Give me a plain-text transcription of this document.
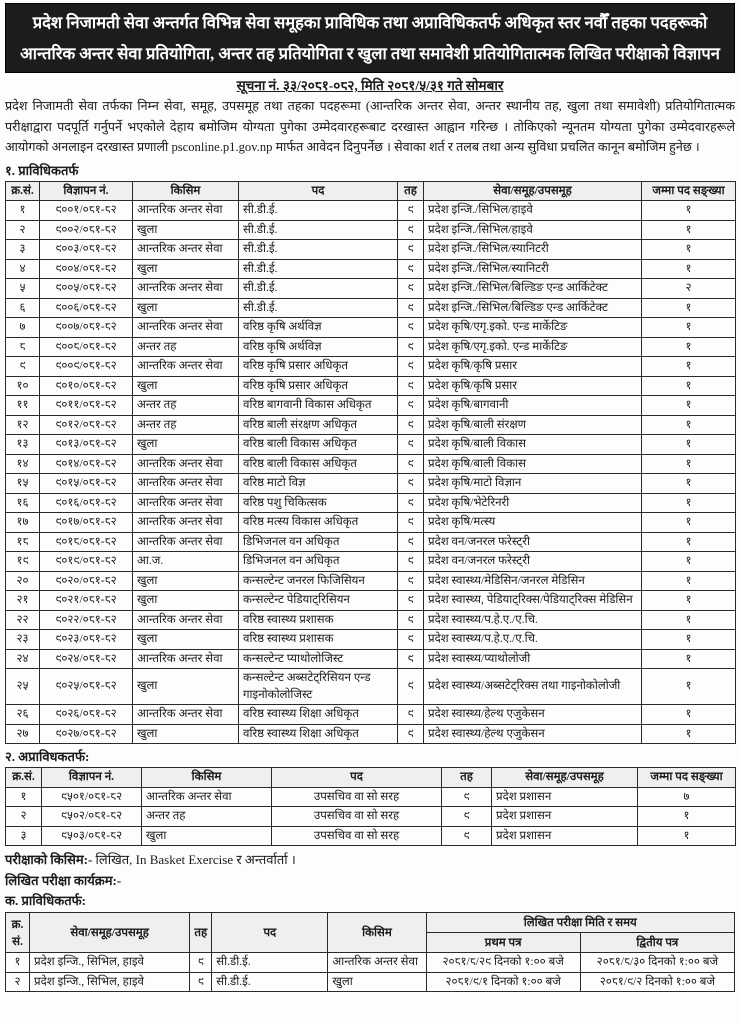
प्रदेश निजामती सेवा अन्तर्गत विभिन्न सेवा समूहका प्राविधिक तथा अप्राविधिकतर्फ अधिकृत स्तर नवौँ तहका पदहरूको
आन्तरिक अन्तर सेवा प्रतियोगिता, अन्तर तह प्रतियोगिता र खुला तथा समावेशी प्रतियोगितात्मक लिखित परीक्षाको विज्ञापन
सूचना नं. ३३/२०८१-०८२, मिति २०८१/५/३१ गते सोमबार

प्रदेश निजामती सेवा तर्फका निम्न सेवा, समूह, उपसमूह तथा तहका पदहरूमा (आन्तरिक अन्तर सेवा, अन्तर स्थानीय तह, खुला तथा समावेशी) प्रतियोगितात्मक परीक्षाद्वारा पदपूर्ति गर्नुपर्ने भएकोले देहाय बमोजिम योग्यता पुगेका उम्मेदवारहरूबाट दरखास्त आह्वान गरिन्छ । तोकिएको न्यूनतम योग्यता पुगेका उम्मेदवारहरूले आयोगको अनलाइन दरखास्त प्रणाली psconline.p1.gov.np मार्फत आवेदन दिनुपर्नेछ । सेवाका शर्त र तलब तथा अन्य सुविधा प्रचलित कानून बमोजिम हुनेछ ।

१. प्राविधिकतर्फ
क्र.सं.	विज्ञापन नं.	किसिम	पद	तह	सेवा/समूह/उपसमूह	जम्मा पद सङ्ख्या
१	९००१/०८१-८२	आन्तरिक अन्तर सेवा	सी.डी.ई.	९	प्रदेश इन्जि./सिभिल/हाइवे	१
२	९००२/०८१-८२	खुला	सी.डी.ई.	९	प्रदेश इन्जि./सिभिल/हाइवे	१
३	९००३/०८१-८२	आन्तरिक अन्तर सेवा	सी.डी.ई.	९	प्रदेश इन्जि./सिभिल/स्यानिटरी	१
४	९००४/०८१-८२	खुला	सी.डी.ई.	९	प्रदेश इन्जि./सिभिल/स्यानिटरी	१
५	९००५/०८१-८२	आन्तरिक अन्तर सेवा	सी.डी.ई.	९	प्रदेश इन्जि./सिभिल/बिल्डिङ एन्ड आर्किटेक्ट	२
६	९००६/०८१-८२	खुला	सी.डी.ई.	९	प्रदेश इन्जि./सिभिल/बिल्डिङ एन्ड आर्किटेक्ट	१
७	९००७/०८१-८२	आन्तरिक अन्तर सेवा	वरिष्ठ कृषि अर्थविज्ञ	९	प्रदेश कृषि/एगृ.इको. एन्ड मार्केटिङ	१
८	९००८/०८१-८२	अन्तर तह	वरिष्ठ कृषि अर्थविज्ञ	९	प्रदेश कृषि/एगृ.इको. एन्ड मार्केटिङ	१
९	९००९/०८१-८२	आन्तरिक अन्तर सेवा	वरिष्ठ कृषि प्रसार अधिकृत	९	प्रदेश कृषि/कृषि प्रसार	१
१०	९०१०/०८१-८२	खुला	वरिष्ठ कृषि प्रसार अधिकृत	९	प्रदेश कृषि/कृषि प्रसार	१
११	९०११/०८१-८२	अन्तर तह	वरिष्ठ बागवानी विकास अधिकृत	९	प्रदेश कृषि/बागवानी	१
१२	९०१२/०८१-८२	अन्तर तह	वरिष्ठ बाली संरक्षण अधिकृत	९	प्रदेश कृषि/बाली संरक्षण	१
१३	९०१३/०८१-८२	खुला	वरिष्ठ बाली विकास अधिकृत	९	प्रदेश कृषि/बाली विकास	१
१४	९०१४/०८१-८२	आन्तरिक अन्तर सेवा	वरिष्ठ बाली विकास अधिकृत	९	प्रदेश कृषि/बाली विकास	१
१५	९०१५/०८१-८२	आन्तरिक अन्तर सेवा	वरिष्ठ माटो विज्ञ	९	प्रदेश कृषि/माटो विज्ञान	१
१६	९०१६/०८१-८२	आन्तरिक अन्तर सेवा	वरिष्ठ पशु चिकित्सक	९	प्रदेश कृषि/भेटेरिनरी	१
१७	९०१७/०८१-८२	आन्तरिक अन्तर सेवा	वरिष्ठ मत्स्य विकास अधिकृत	९	प्रदेश कृषि/मत्स्य	१
१८	९०१८/०८१-८२	आन्तरिक अन्तर सेवा	डिभिजनल वन अधिकृत	९	प्रदेश वन/जनरल फरेस्ट्री	१
१९	९०१९/०८१-८२	आ.ज.	डिभिजनल वन अधिकृत	९	प्रदेश वन/जनरल फरेस्ट्री	१
२०	९०२०/०८१-८२	खुला	कन्सल्टेन्ट जनरल फिजिसियन	९	प्रदेश स्वास्थ्य/मेडिसिन/जनरल मेडिसिन	१
२१	९०२१/०८१-८२	खुला	कन्सल्टेन्ट पेडियाट्रिसियन	९	प्रदेश स्वास्थ्य, पेडियाट्रिक्स/पेडियाट्रिक्स मेडिसिन	१
२२	९०२२/०८१-८२	आन्तरिक अन्तर सेवा	वरिष्ठ स्वास्थ्य प्रशासक	९	प्रदेश स्वास्थ्य/प.हे.ए./ए.चि.	१
२३	९०२३/०८१-८२	खुला	वरिष्ठ स्वास्थ्य प्रशासक	९	प्रदेश स्वास्थ्य/प.हे.ए./ए.चि.	१
२४	९०२४/०८१-८२	आन्तरिक अन्तर सेवा	कन्सल्टेन्ट प्याथोलोजिस्ट	९	प्रदेश स्वास्थ्य/प्याथोलोजी	१
२५	९०२५/०८१-८२	खुला	कन्सल्टेन्ट अब्सटेट्रिसियन एन्ड गाइनोकोलोजिस्ट	९	प्रदेश स्वास्थ्य/अब्सटेट्रिक्स तथा गाइनोकोलोजी	१
२६	९०२६/०८१-८२	आन्तरिक अन्तर सेवा	वरिष्ठ स्वास्थ्य शिक्षा अधिकृत	९	प्रदेश स्वास्थ्य/हेल्थ एजुकेसन	१
२७	९०२७/०८१-८२	खुला	वरिष्ठ स्वास्थ्य शिक्षा अधिकृत	९	प्रदेश स्वास्थ्य/हेल्थ एजुकेसन	१
२. अप्राविधकतर्फ:
क्र.सं.	विज्ञापन नं.	किसिम	पद	तह	सेवा/समूह/उपसमूह	जम्मा पद सङ्ख्या
१	९५०१/०८१-८२	आन्तरिक अन्तर सेवा	उपसचिव वा सो सरह	९	प्रदेश प्रशासन	७
२	९५०२/०८१-८२	अन्तर तह	उपसचिव वा सो सरह	९	प्रदेश प्रशासन	१
३	९५०३/०८१-८२	खुला	उपसचिव वा सो सरह	९	प्रदेश प्रशासन	१
परीक्षाको किसिम:- लिखित, In Basket Exercise र अन्तर्वार्ता ।
लिखित परीक्षा कार्यक्रम:-
क. प्राविधिकतर्फ:
क्र.
सं.	सेवा/समूह/उपसमूह	तह	पद	किसिम	लिखित परीक्षा मिति र समय	
					प्रथम पत्र	द्वितीय पत्र
१	प्रदेश इन्जि., सिभिल, हाइवे	९	सी.डी.ई.	आन्तरिक अन्तर सेवा	२०८१/८/२९ दिनको १:०० बजे	२०८१/८/३० दिनको १:०० बजे
२	प्रदेश इन्जि., सिभिल, हाइवे	९	सी.डी.ई.	खुला	२०८१/९/१ दिनको १:०० बजे	२०८१/९/२ दिनको १:०० बजे
